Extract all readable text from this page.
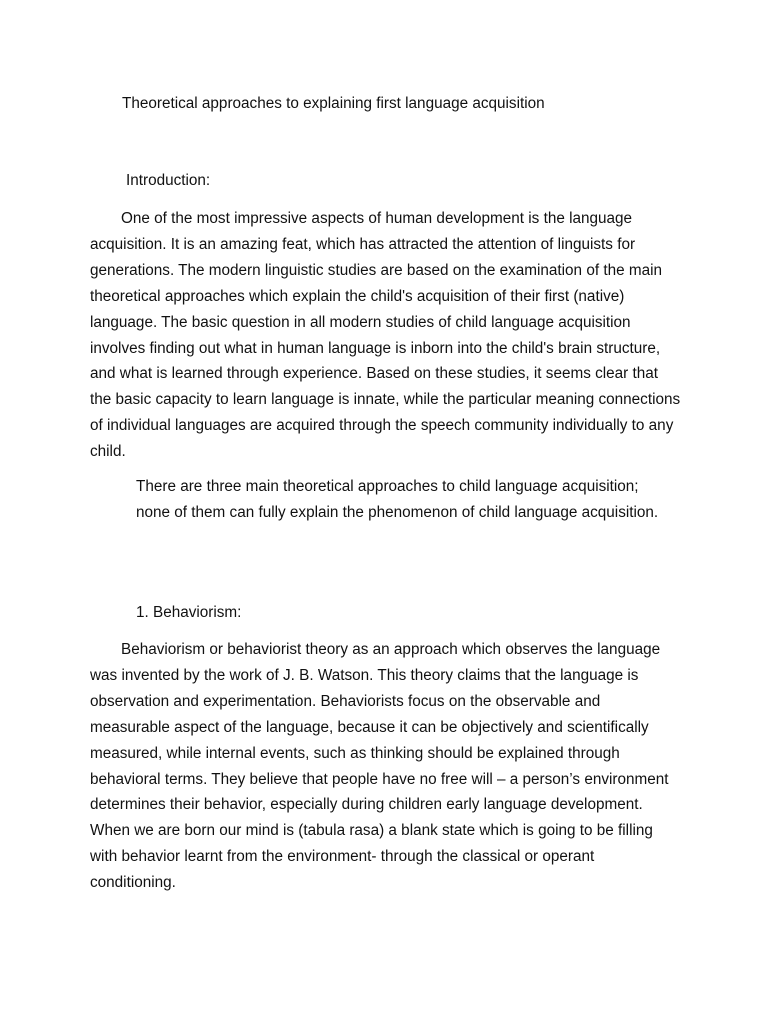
Theoretical approaches to explaining first language acquisition
Introduction:

One of the most impressive aspects of human development is the language acquisition. It is an amazing feat, which has attracted the attention of linguists for generations. The modern linguistic studies are based on the examination of the main theoretical approaches which explain the child's acquisition of their first (native) language. The basic question in all modern studies of child language acquisition involves finding out what in human language is inborn into the child's brain structure, and what is learned through experience. Based on these studies, it seems clear that the basic capacity to learn language is innate, while the particular meaning connections of individual languages are acquired through the speech community individually to any child.

There are three main theoretical approaches to child language acquisition; none of them can fully explain the phenomenon of child language acquisition.

1. Behaviorism:

Behaviorism or behaviorist theory as an approach which observes the language was invented by the work of J. B. Watson. This theory claims that the language is observation and experimentation. Behaviorists focus on the observable and measurable aspect of the language, because it can be objectively and scientifically measured, while internal events, such as thinking should be explained through behavioral terms. They believe that people have no free will – a person’s environment determines their behavior, especially during children early language development. When we are born our mind is (tabula rasa) a blank state which is going to be filling with behavior learnt from the environment- through the classical or operant conditioning.
